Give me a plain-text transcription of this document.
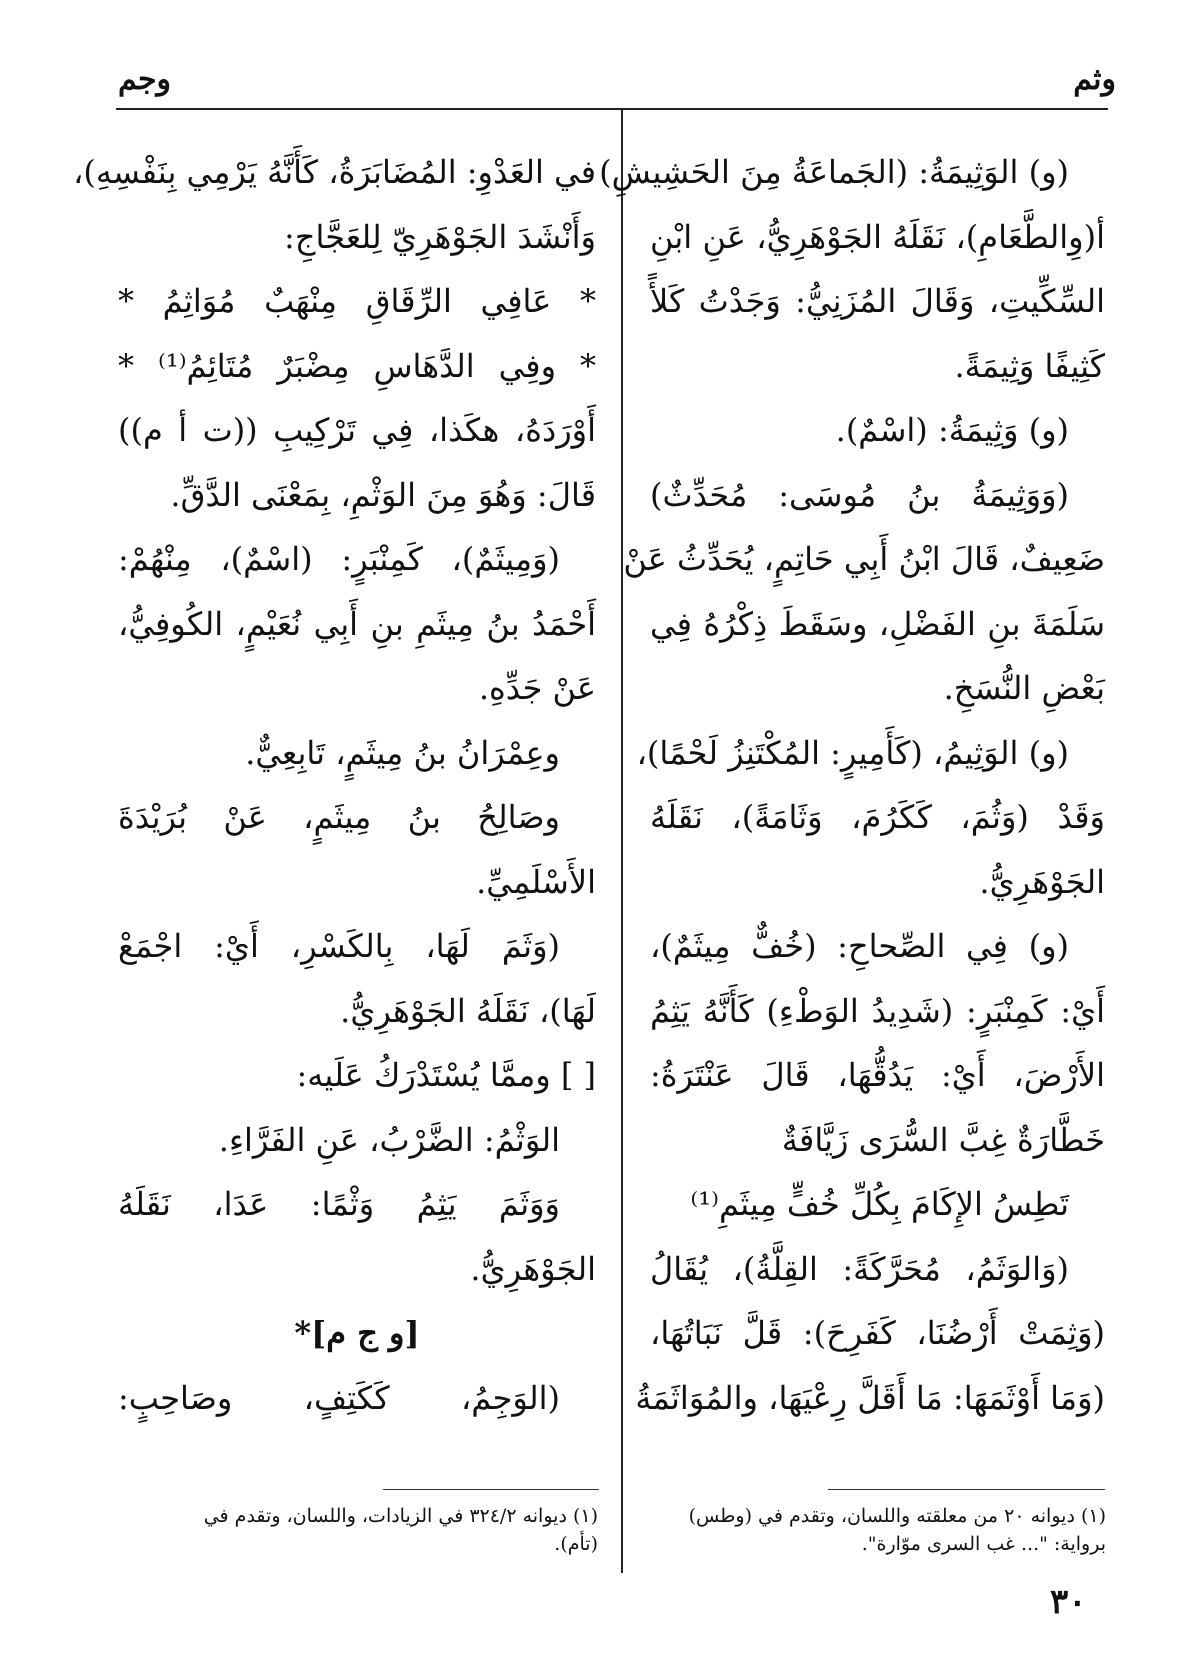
وثم
وجم
(و) الوَثِيمَةُ: (الجَماعَةُ مِنَ الحَشِيشِ)
أ(وِالطَّعَامِ)، نَقَلَهُ الجَوْهَرِيُّ، عَنِ ابْنِ
السِّكِّيتِ، وَقَالَ المُزَنِيُّ: وَجَدْتُ كَلأً
كَثِيفًا وَثِيمَةً.
(و) وَثِيمَةُ: (اسْمٌ).
(وَوَثِيمَةُ بنُ مُوسَى: مُحَدِّثٌ)
ضَعِيفٌ، قَالَ ابْنُ أَبِي حَاتِمٍ، يُحَدِّثُ عَنْ
سَلَمَةَ بنِ الفَضْلِ، وسَقَطَ ذِكْرُهُ فِي
بَعْضِ النُّسَخِ.
(و) الوَثِيمُ، (كَأَمِيرٍ: المُكْتَنِزُ لَحْمًا)،
وَقَدْ (وَثُمَ، كَكَرُمَ، وَثَامَةً)، نَقَلَهُ
الجَوْهَرِيُّ.
(و) فِي الصِّحاحِ: (خُفٌّ مِيثَمٌ)،
أَيْ: كَمِنْبَرٍ: (شَدِيدُ الوَطْءِ) كَأَنَّهُ يَثِمُ
الأَرْضَ، أَيْ: يَدُقُّهَا، قَالَ عَنْتَرَةُ:
خَطَّارَةٌ غِبَّ السُّرَى زَيَّافَةٌ
تَطِسُ الإِكَامَ بِكُلِّ خُفٍّ مِيثَمِ⁽¹⁾
(وَالوَثَمُ، مُحَرَّكَةً: القِلَّةُ)، يُقَالُ
(وَثِمَتْ أَرْضُنَا، كَفَرِحَ): قَلَّ نَبَاتُهَا،
(وَمَا أَوْثَمَهَا: مَا أَقَلَّ رِعْيَهَا، والمُوَاثَمَةُ
في العَدْوِ: المُضَابَرَةُ، كَأَنَّهُ يَرْمِي بِنَفْسِهِ)،
وَأَنْشَدَ الجَوْهَرِيّ لِلعَجَّاجِ:
* عَافِي الرِّقَاقِ مِنْهَبٌ مُوَاثِمُ *
* وفِي الدَّهَاسِ مِضْبَرٌ مُتَائِمُ⁽¹⁾ *
أَوْرَدَهُ، هكَذا، فِي تَرْكِيبِ ((ت أ م))
قَالَ: وَهُوَ مِنَ الوَثْمِ، بِمَعْنَى الدَّقِّ.
(وَمِيثَمٌ)، كَمِنْبَرٍ: (اسْمٌ)، مِنْهُمْ:
أَحْمَدُ بنُ مِيثَمِ بنِ أَبِي نُعَيْمٍ، الكُوفِيُّ،
عَنْ جَدِّهِ.
وعِمْرَانُ بنُ مِيثَمٍ، تَابِعِيٌّ.
وصَالِحُ بنُ مِيثَمٍ، عَنْ بُرَيْدَةَ
الأَسْلَمِيِّ.
(وَثَمَ لَهَا، بِالكَسْرِ، أَيْ: اجْمَعْ
لَهَا)، نَقَلَهُ الجَوْهَرِيُّ.
[ ] وممَّا يُسْتَدْرَكُ عَلَيه:
الوَثْمُ: الضَّرْبُ، عَنِ الفَرَّاءِ.
وَوَثَمَ يَثِمُ وَثْمًا: عَدَا، نَقَلَهُ
الجَوْهَرِيُّ.
[و ج م]*
(الوَجِمُ، كَكَتِفٍ، وصَاحِبٍ:
(١) ديوانه ٢٠ من معلقته واللسان، وتقدم في (وطس)
برواية: "... غب السرى موّارة".
(١) ديوانه ٣٢٤/٢ في الزيادات، واللسان، وتقدم في
(تأم).
٣٠
